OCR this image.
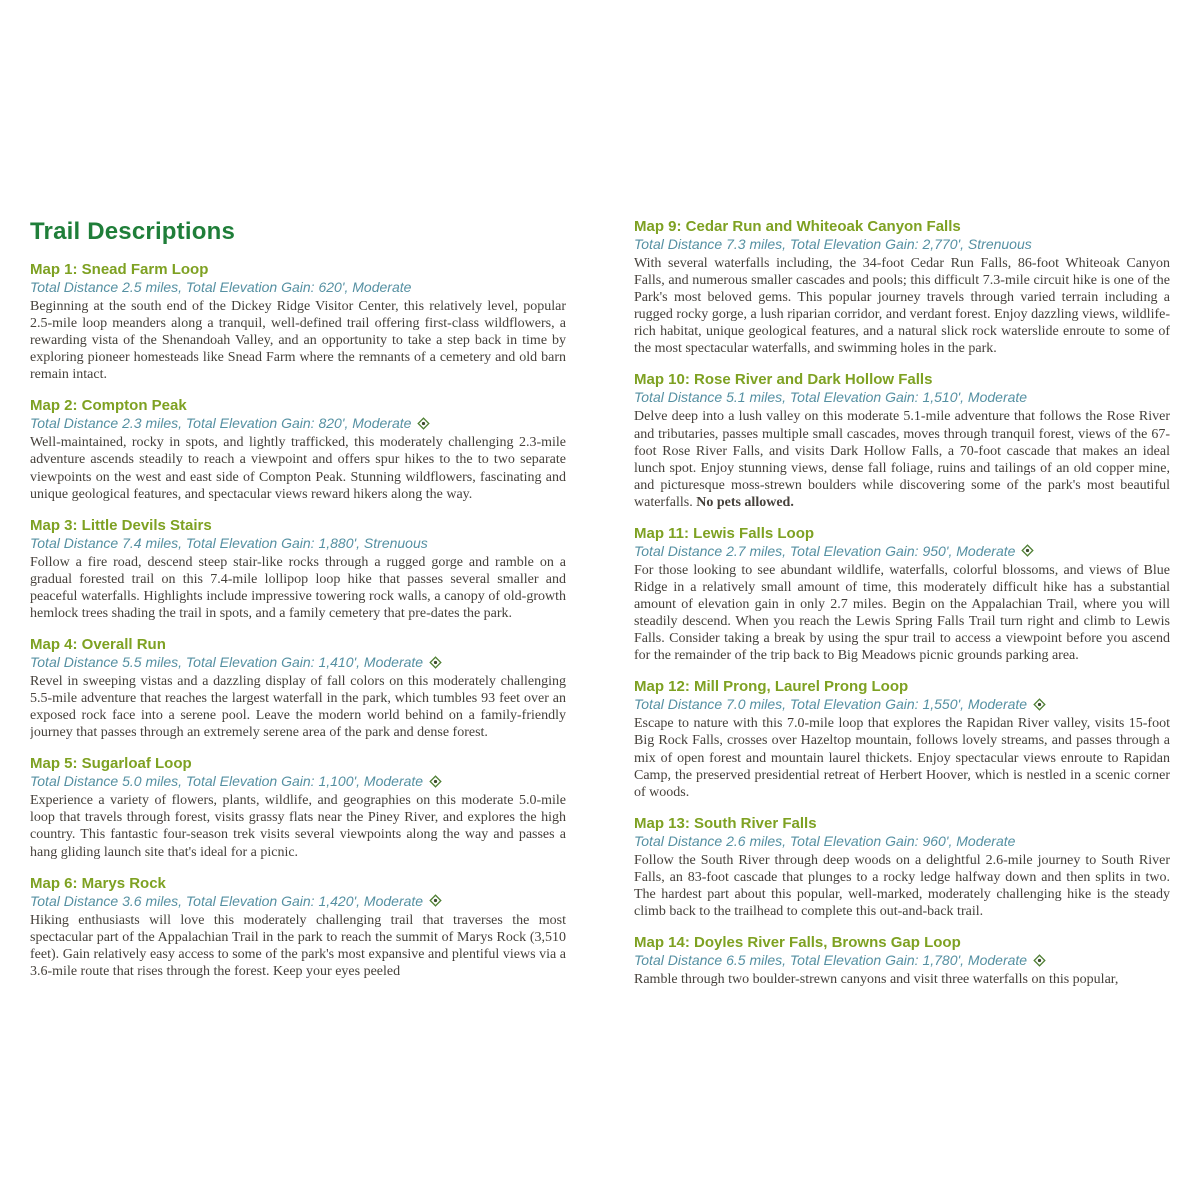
Trail Descriptions
Map 1: Snead Farm Loop

Total Distance 2.5 miles, Total Elevation Gain: 620', Moderate

Beginning at the south end of the Dickey Ridge Visitor Center, this relatively level, popular 2.5-mile loop meanders along a tranquil, well-defined trail offering first-class wildflowers, a rewarding vista of the Shenandoah Valley, and an opportunity to take a step back in time by exploring pioneer homesteads like Snead Farm where the remnants of a cemetery and old barn remain intact.

Map 2: Compton Peak

Total Distance 2.3 miles, Total Elevation Gain: 820', Moderate

Well-maintained, rocky in spots, and lightly trafficked, this moderately challenging 2.3-mile adventure ascends steadily to reach a viewpoint and offers spur hikes to the to two separate viewpoints on the west and east side of Compton Peak. Stunning wildflowers, fascinating and unique geological features, and spectacular views reward hikers along the way.

Map 3: Little Devils Stairs

Total Distance 7.4 miles, Total Elevation Gain: 1,880', Strenuous

Follow a fire road, descend steep stair-like rocks through a rugged gorge and ramble on a gradual forested trail on this 7.4-mile lollipop loop hike that passes several smaller and peaceful waterfalls. Highlights include impressive towering rock walls, a canopy of old-growth hemlock trees shading the trail in spots, and a family cemetery that pre-dates the park.

Map 4: Overall Run

Total Distance 5.5 miles, Total Elevation Gain: 1,410', Moderate

Revel in sweeping vistas and a dazzling display of fall colors on this moderately challenging 5.5-mile adventure that reaches the largest waterfall in the park, which tumbles 93 feet over an exposed rock face into a serene pool. Leave the modern world behind on a family-friendly journey that passes through an extremely serene area of the park and dense forest.

Map 5: Sugarloaf Loop

Total Distance 5.0 miles, Total Elevation Gain: 1,100', Moderate

Experience a variety of flowers, plants, wildlife, and geographies on this moderate 5.0-mile loop that travels through forest, visits grassy flats near the Piney River, and explores the high country. This fantastic four-season trek visits several viewpoints along the way and passes a hang gliding launch site that's ideal for a picnic.

Map 6: Marys Rock

Total Distance 3.6 miles, Total Elevation Gain: 1,420', Moderate

Hiking enthusiasts will love this moderately challenging trail that traverses the most spectacular part of the Appalachian Trail in the park to reach the summit of Marys Rock (3,510 feet). Gain relatively easy access to some of the park's most expansive and plentiful views via a 3.6-mile route that rises through the forest. Keep your eyes peeled

Map 9: Cedar Run and Whiteoak Canyon Falls

Total Distance 7.3 miles, Total Elevation Gain: 2,770', Strenuous

With several waterfalls including, the 34-foot Cedar Run Falls, 86-foot Whiteoak Canyon Falls, and numerous smaller cascades and pools; this difficult 7.3-mile circuit hike is one of the Park's most beloved gems. This popular journey travels through varied terrain including a rugged rocky gorge, a lush riparian corridor, and verdant forest. Enjoy dazzling views, wildlife-rich habitat, unique geological features, and a natural slick rock waterslide enroute to some of the most spectacular waterfalls, and swimming holes in the park.

Map 10: Rose River and Dark Hollow Falls

Total Distance 5.1 miles, Total Elevation Gain: 1,510', Moderate

Delve deep into a lush valley on this moderate 5.1-mile adventure that follows the Rose River and tributaries, passes multiple small cascades, moves through tranquil forest, views of the 67-foot Rose River Falls, and visits Dark Hollow Falls, a 70-foot cascade that makes an ideal lunch spot. Enjoy stunning views, dense fall foliage, ruins and tailings of an old copper mine, and picturesque moss-strewn boulders while discovering some of the park's most beautiful waterfalls. No pets allowed.

Map 11: Lewis Falls Loop

Total Distance 2.7 miles, Total Elevation Gain: 950', Moderate

For those looking to see abundant wildlife, waterfalls, colorful blossoms, and views of Blue Ridge in a relatively small amount of time, this moderately difficult hike has a substantial amount of elevation gain in only 2.7 miles. Begin on the Appalachian Trail, where you will steadily descend. When you reach the Lewis Spring Falls Trail turn right and climb to Lewis Falls. Consider taking a break by using the spur trail to access a viewpoint before you ascend for the remainder of the trip back to Big Meadows picnic grounds parking area.

Map 12: Mill Prong, Laurel Prong Loop

Total Distance 7.0 miles, Total Elevation Gain: 1,550', Moderate

Escape to nature with this 7.0-mile loop that explores the Rapidan River valley, visits 15-foot Big Rock Falls, crosses over Hazeltop mountain, follows lovely streams, and passes through a mix of open forest and mountain laurel thickets. Enjoy spectacular views enroute to Rapidan Camp, the preserved presidential retreat of Herbert Hoover, which is nestled in a scenic corner of woods.

Map 13: South River Falls

Total Distance 2.6 miles, Total Elevation Gain: 960', Moderate

Follow the South River through deep woods on a delightful 2.6-mile journey to South River Falls, an 83-foot cascade that plunges to a rocky ledge halfway down and then splits in two. The hardest part about this popular, well-marked, moderately challenging hike is the steady climb back to the trailhead to complete this out-and-back trail.

Map 14: Doyles River Falls, Browns Gap Loop

Total Distance 6.5 miles, Total Elevation Gain: 1,780', Moderate

Ramble through two boulder-strewn canyons and visit three waterfalls on this popular,
